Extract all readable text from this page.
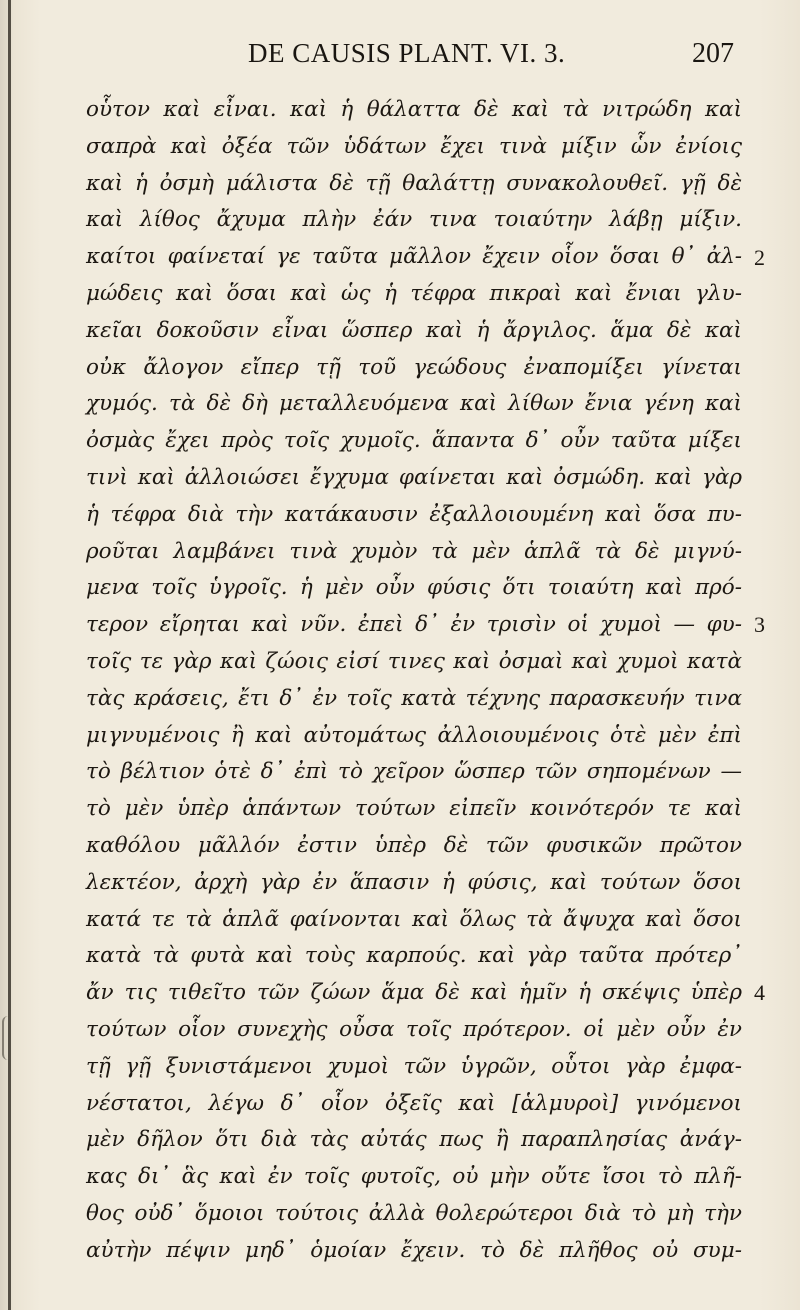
DE CAUSIS PLANT. VI. 3.	207
οὗτον καὶ εἶναι. καὶ ἡ θάλαττα δὲ καὶ τὰ νιτρώδη καὶ
σαπρὰ καὶ ὀξέα τῶν ὑδάτων ἔχει τινὰ μίξιν ὧν ἐνίοις
καὶ ἡ ὀσμὴ μάλιστα δὲ τῇ θαλάττῃ συνακολουθεῖ. γῇ δὲ
καὶ λίθος ἄχυμα πλὴν ἐάν τινα τοιαύτην λάβῃ μίξιν.
καίτοι φαίνεταί γε ταῦτα μᾶλλον ἔχειν οἷον ὅσαι θ᾽ ἀλ-
μώδεις καὶ ὅσαι καὶ ὡς ἡ τέφρα πικραὶ καὶ ἔνιαι γλυ-
κεῖαι δοκοῦσιν εἶναι ὥσπερ καὶ ἡ ἄργιλος. ἅμα δὲ καὶ
οὐκ ἄλογον εἴπερ τῇ τοῦ γεώδους ἐναπομίξει γίνεται
χυμός. τὰ δὲ δὴ μεταλλευόμενα καὶ λίθων ἔνια γένη καὶ
ὀσμὰς ἔχει πρὸς τοῖς χυμοῖς. ἅπαντα δ᾽ οὖν ταῦτα μίξει
τινὶ καὶ ἀλλοιώσει ἔγχυμα φαίνεται καὶ ὀσμώδη. καὶ γὰρ
ἡ τέφρα διὰ τὴν κατάκαυσιν ἐξαλλοιουμένη καὶ ὅσα πυ-
ροῦται λαμβάνει τινὰ χυμὸν τὰ μὲν ἁπλᾶ τὰ δὲ μιγνύ-
μενα τοῖς ὑγροῖς. ἡ μὲν οὖν φύσις ὅτι τοιαύτη καὶ πρό-
τερον εἴρηται καὶ νῦν. ἐπεὶ δ᾽ ἐν τρισὶν οἱ χυμοὶ — φυ-
τοῖς τε γὰρ καὶ ζώοις εἰσί τινες καὶ ὀσμαὶ καὶ χυμοὶ κατὰ
τὰς κράσεις, ἔτι δ᾽ ἐν τοῖς κατὰ τέχνης παρασκευήν τινα
μιγνυμένοις ἢ καὶ αὐτομάτως ἀλλοιουμένοις ὁτὲ μὲν ἐπὶ
τὸ βέλτιον ὁτὲ δ᾽ ἐπὶ τὸ χεῖρον ὥσπερ τῶν σηπομένων —
τὸ μὲν ὑπὲρ ἁπάντων τούτων εἰπεῖν κοινότερόν τε καὶ
καθόλου μᾶλλόν ἐστιν ὑπὲρ δὲ τῶν φυσικῶν πρῶτον
λεκτέον, ἀρχὴ γὰρ ἐν ἅπασιν ἡ φύσις, καὶ τούτων ὅσοι
κατά τε τὰ ἁπλᾶ φαίνονται καὶ ὅλως τὰ ἄψυχα καὶ ὅσοι
κατὰ τὰ φυτὰ καὶ τοὺς καρπούς. καὶ γὰρ ταῦτα πρότερ᾽
ἄν τις τιθεῖτο τῶν ζώων ἅμα δὲ καὶ ἡμῖν ἡ σκέψις ὑπὲρ
τούτων οἷον συνεχὴς οὖσα τοῖς πρότερον. οἱ μὲν οὖν ἐν
τῇ γῇ ξυνιστάμενοι χυμοὶ τῶν ὑγρῶν, οὗτοι γὰρ ἐμφα-
νέστατοι, λέγω δ᾽ οἷον ὀξεῖς καὶ [ἁλμυροὶ] γινόμενοι
μὲν δῆλον ὅτι διὰ τὰς αὐτάς πως ἢ παραπλησίας ἀνάγ-
κας δι᾽ ἃς καὶ ἐν τοῖς φυτοῖς, οὐ μὴν οὔτε ἴσοι τὸ πλῆ-
θος οὐδ᾽ ὅμοιοι τούτοις ἀλλὰ θολερώτεροι διὰ τὸ μὴ τὴν
αὐτὴν πέψιν μηδ᾽ ὁμοίαν ἔχειν. τὸ δὲ πλῆθος οὐ συμ-
2
3
4
